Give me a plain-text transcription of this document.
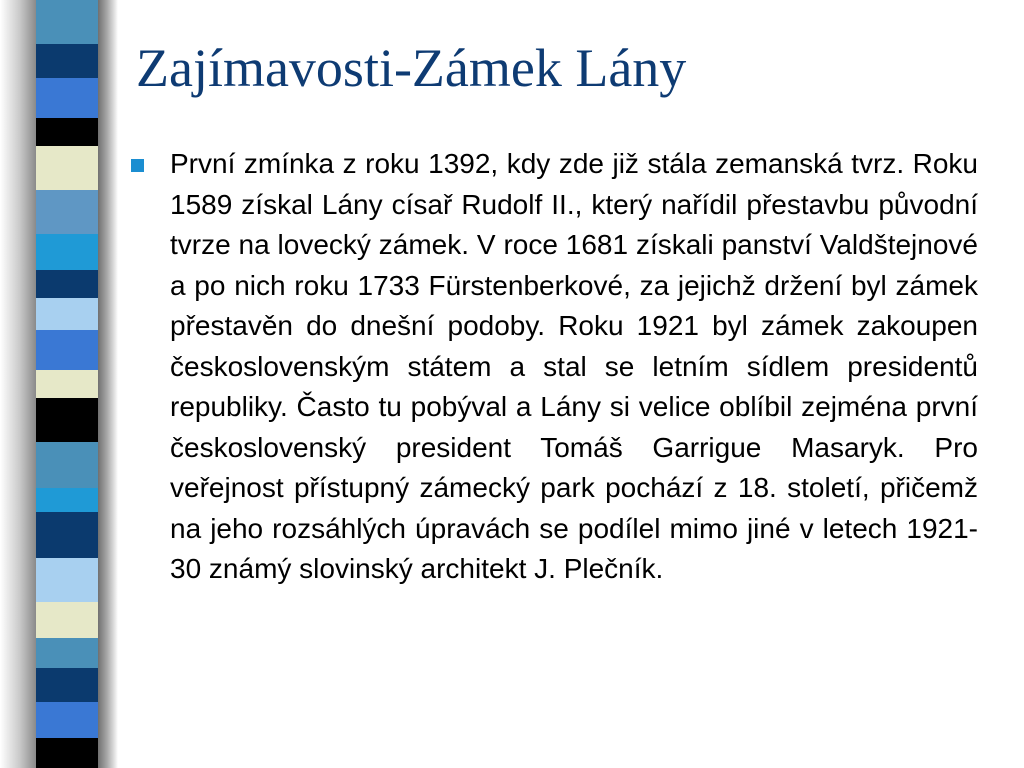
Zajímavosti-Zámek Lány
První zmínka z roku 1392, kdy zde již stála zemanská tvrz. Roku 1589 získal Lány císař Rudolf II., který nařídil přestavbu původní tvrze na lovecký zámek. V roce 1681 získali panství Valdštejnové a po nich roku 1733 Fürstenberkové, za jejichž držení byl zámek přestavěn do dnešní podoby. Roku 1921 byl zámek zakoupen československým státem a stal se letním sídlem presidentů republiky. Často tu pobýval a Lány si velice oblíbil zejména první československý president Tomáš Garrigue Masaryk. Pro veřejnost přístupný zámecký park pochází z 18. století, přičemž na jeho rozsáhlých úpravách se podílel mimo jiné v letech 1921-30 známý slovinský architekt J. Plečník.
